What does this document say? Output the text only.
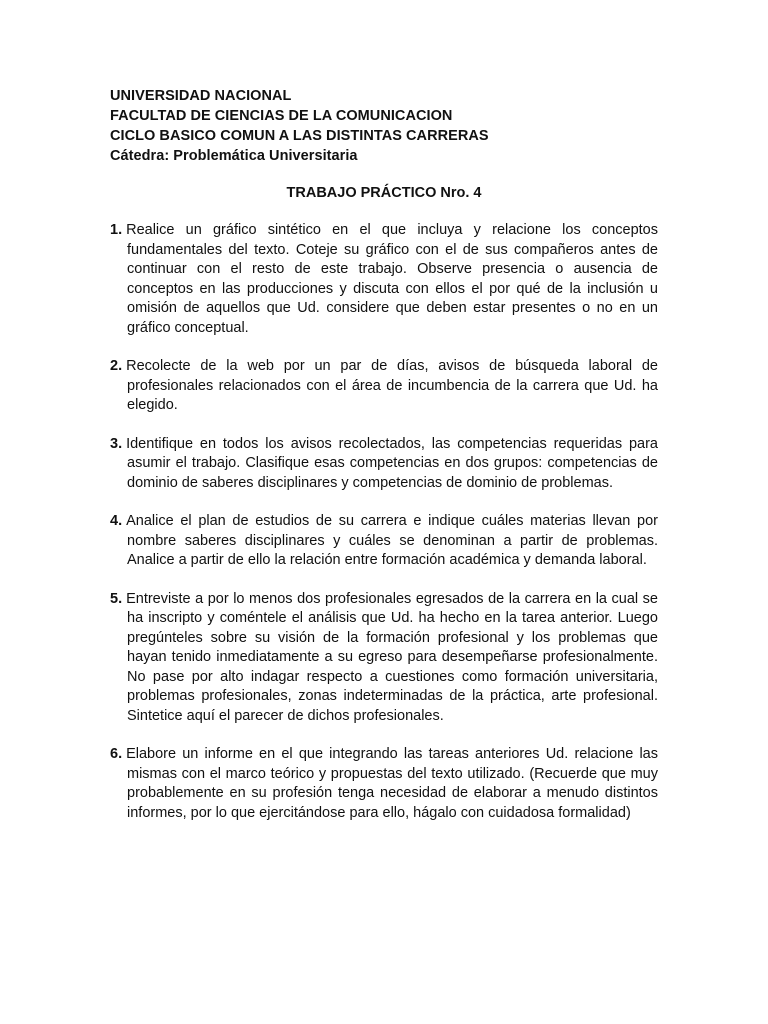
UNIVERSIDAD NACIONAL
FACULTAD DE CIENCIAS DE LA COMUNICACION
CICLO BASICO COMUN A LAS DISTINTAS CARRERAS
Cátedra: Problemática Universitaria
TRABAJO PRÁCTICO Nro. 4
1. Realice un gráfico sintético en el que incluya y relacione los conceptos fundamentales del texto. Coteje su gráfico con el de sus compañeros antes de continuar con el resto de este trabajo. Observe presencia o ausencia de conceptos en las producciones y discuta con ellos el por qué de la inclusión u omisión de aquellos que Ud. considere que deben estar presentes o no en un gráfico conceptual.
2. Recolecte de la web por un par de días, avisos de búsqueda laboral de profesionales relacionados con el área de incumbencia de la carrera que Ud. ha elegido.
3. Identifique en todos los avisos recolectados, las competencias requeridas para asumir el trabajo. Clasifique esas competencias en dos grupos: competencias de dominio de saberes disciplinares y competencias de dominio de problemas.
4. Analice el plan de estudios de su carrera e indique cuáles materias llevan por nombre saberes disciplinares y cuáles se denominan a partir de problemas. Analice a partir de ello la relación entre formación académica y demanda laboral.
5. Entreviste a por lo menos dos profesionales egresados de la carrera en la cual se ha inscripto y coméntele el análisis que Ud. ha hecho en la tarea anterior. Luego pregúnteles sobre su visión de la formación profesional y los problemas que hayan tenido inmediatamente a su egreso para desempeñarse profesionalmente. No pase por alto indagar respecto a cuestiones como formación universitaria, problemas profesionales, zonas indeterminadas de la práctica, arte profesional. Sintetice aquí el parecer de dichos profesionales.
6. Elabore un informe en el que integrando las tareas anteriores Ud. relacione las mismas con el marco teórico y propuestas del texto utilizado. (Recuerde que muy probablemente en su profesión tenga necesidad de elaborar a menudo distintos informes, por lo que ejercitándose para ello, hágalo con cuidadosa formalidad)
